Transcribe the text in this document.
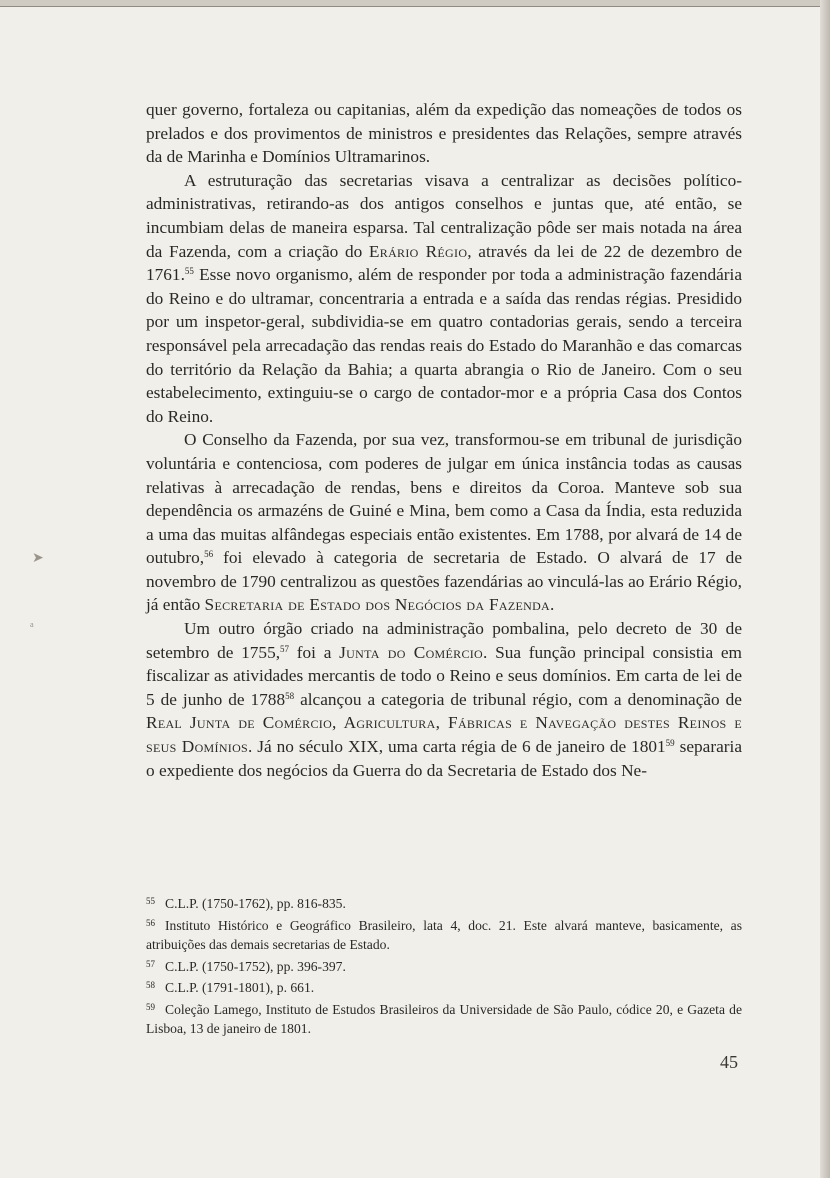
➤
ᵃ

quer governo, fortaleza ou capitanias, além da expedição das nomeações de todos os prelados e dos provimentos de ministros e presidentes das Relações, sempre através da de Marinha e Domínios Ultramarinos.

A estruturação das secretarias visava a centralizar as decisões político-administrativas, retirando-as dos antigos conselhos e juntas que, até então, se incumbiam delas de maneira esparsa. Tal centralização pôde ser mais notada na área da Fazenda, com a criação do Erário Régio, através da lei de 22 de dezembro de 1761.55 Esse novo organismo, além de responder por toda a administração fazendária do Reino e do ultramar, concentraria a entrada e a saída das rendas régias. Presidido por um inspetor-geral, subdividia-se em quatro contadorias gerais, sendo a terceira responsável pela arrecadação das rendas reais do Estado do Maranhão e das comarcas do território da Relação da Bahia; a quarta abrangia o Rio de Janeiro. Com o seu estabelecimento, extinguiu-se o cargo de contador-mor e a própria Casa dos Contos do Reino.

O Conselho da Fazenda, por sua vez, transformou-se em tribunal de jurisdição voluntária e contenciosa, com poderes de julgar em única instância todas as causas relativas à arrecadação de rendas, bens e direitos da Coroa. Manteve sob sua dependência os armazéns de Guiné e Mina, bem como a Casa da Índia, esta reduzida a uma das muitas alfândegas especiais então existentes. Em 1788, por alvará de 14 de outubro,$^{56}$ foi elevado à categoria de secretaria de Estado. O alvará de 17 de novembro de 1790 centralizou as questões fazendárias ao vinculá-las ao Erário Régio, já então Secretaria de Estado dos Negócios da Fazenda.

Um outro órgão criado na administração pombalina, pelo decreto de 30 de setembro de 1755,57 foi a Junta do Comércio. Sua função principal consistia em fiscalizar as atividades mercantis de todo o Reino e seus domínios. Em carta de lei de 5 de junho de 1788$^{58}$ alcançou a categoria de tribunal régio, com a denominação de Real Junta de Comércio, Agricultura, Fábricas e Navegação destes Reinos e seus Domínios. Já no século XIX, uma carta régia de 6 de janeiro de 1801$^{59}$ separaria o expediente dos negócios da Guerra do da Secretaria de Estado dos Ne-

$^{55}$ C.L.P. (1750-1762), pp. 816-835.

$^{56}$ Instituto Histórico e Geográfico Brasileiro, lata 4, doc. 21. Este alvará manteve, basicamente, as atribuições das demais secretarias de Estado.

$^{57}$ C.L.P. (1750-1752), pp. 396-397.

$^{58}$ C.L.P. (1791-1801), p. 661.

$^{59}$ Coleção Lamego, Instituto de Estudos Brasileiros da Universidade de São Paulo, códice 20, e Gazeta de Lisboa, 13 de janeiro de 1801.

45
